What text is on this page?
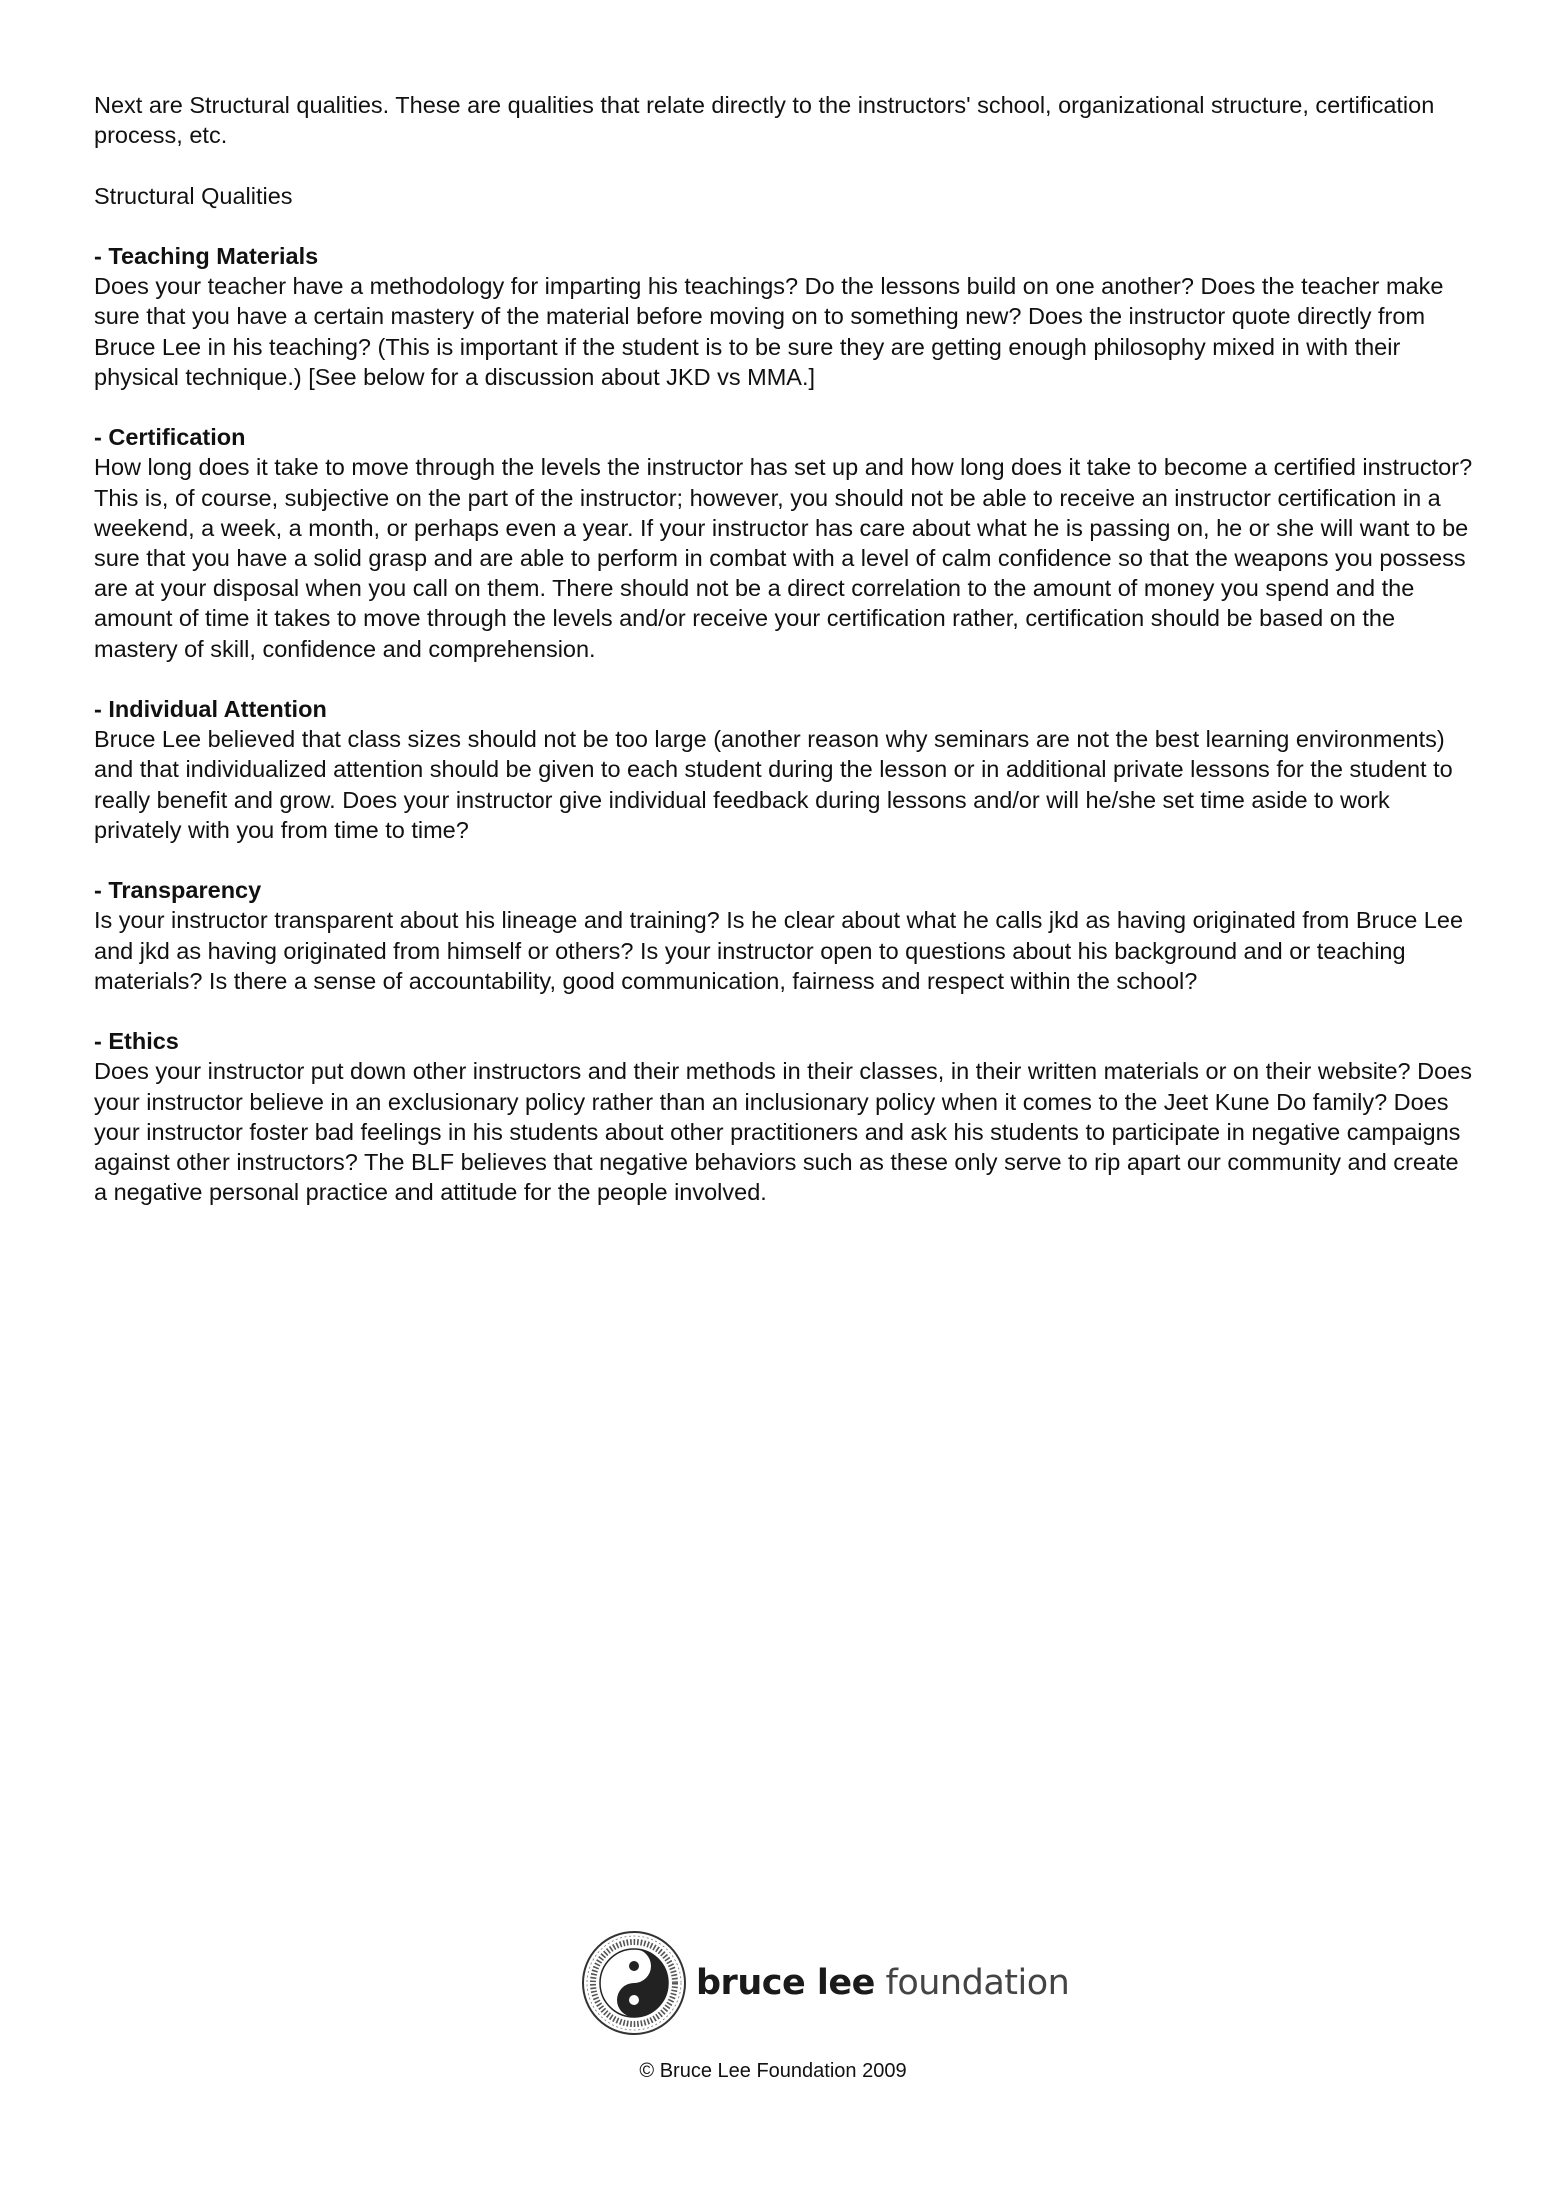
Next are Structural qualities. These are qualities that relate directly to the instructors' school, organizational structure, certification process, etc.

Structural Qualities

- Teaching Materials
Does your teacher have a methodology for imparting his teachings? Do the lessons build on one another? Does the teacher make sure that you have a certain mastery of the material before moving on to something new? Does the instructor quote directly from Bruce Lee in his teaching? (This is important if the student is to be sure they are getting enough philosophy mixed in with their physical technique.) [See below for a discussion about JKD vs MMA.]
- Certification
How long does it take to move through the levels the instructor has set up and how long does it take to become a certified instructor? This is, of course, subjective on the part of the instructor; however, you should not be able to receive an instructor certification in a weekend, a week, a month, or perhaps even a year. If your instructor has care about what he is passing on, he or she will want to be sure that you have a solid grasp and are able to perform in combat with a level of calm confidence so that the weapons you possess are at your disposal when you call on them. There should not be a direct correlation to the amount of money you spend and the amount of time it takes to move through the levels and/or receive your certification rather, certification should be based on the mastery of skill, confidence and comprehension.
- Individual Attention
Bruce Lee believed that class sizes should not be too large (another reason why seminars are not the best learning environments) and that individualized attention should be given to each student during the lesson or in additional private lessons for the student to really benefit and grow. Does your instructor give individual feedback during lessons and/or will he/she set time aside to work privately with you from time to time?
- Transparency
Is your instructor transparent about his lineage and training? Is he clear about what he calls jkd as having originated from Bruce Lee and jkd as having originated from himself or others? Is your instructor open to questions about his background and or teaching materials? Is there a sense of accountability, good communication, fairness and respect within the school?
- Ethics
Does your instructor put down other instructors and their methods in their classes, in their written materials or on their website? Does your instructor believe in an exclusionary policy rather than an inclusionary policy when it comes to the Jeet Kune Do family? Does your instructor foster bad feelings in his students about other practitioners and ask his students to participate in negative campaigns against other instructors? The BLF believes that negative behaviors such as these only serve to rip apart our community and create a negative personal practice and attitude for the people involved.
bruce lee foundation
© Bruce Lee Foundation 2009
